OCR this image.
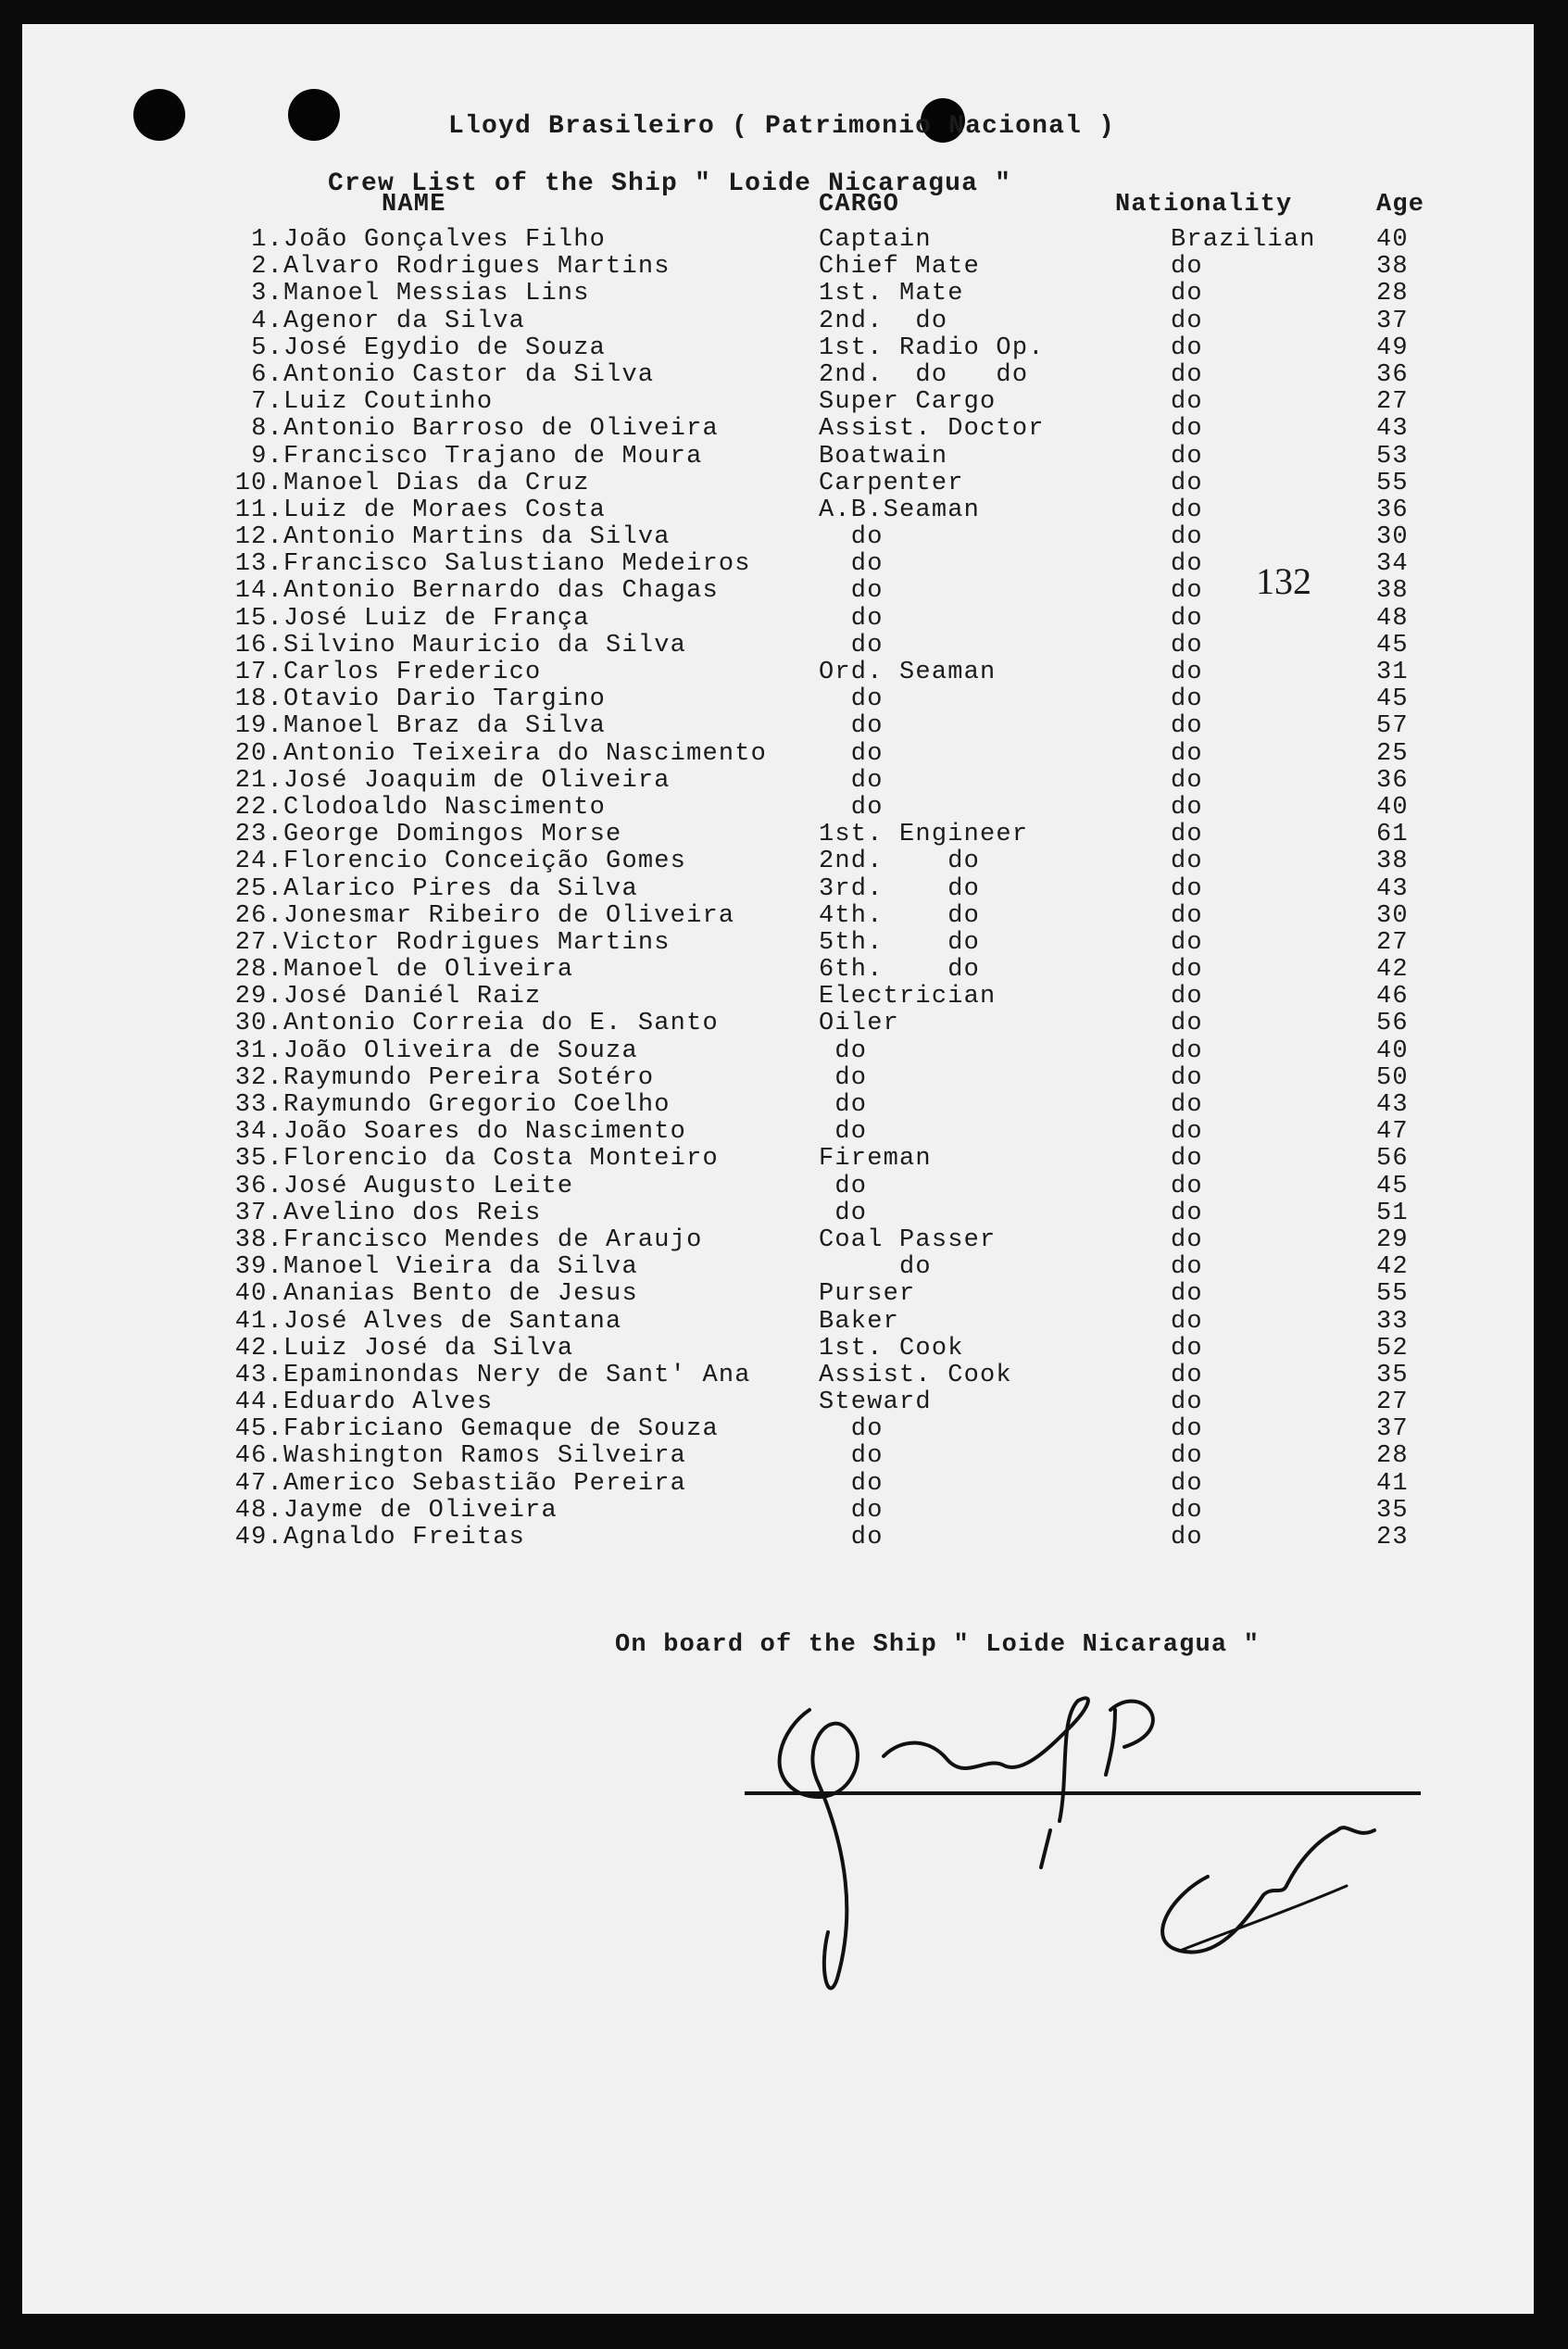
Lloyd Brasileiro ( Patrimonio Nacional )
Crew List of the Ship " Loide Nicaragua "
NAME	CARGO	Nationality	Age
1. João Gonçalves Filho	Captain	Brazilian 40
2. Alvaro Rodrigues Martins	Chief Mate	do	38
3. Manoel Messias Lins	1st. Mate	do	28
4. Agenor da Silva	2nd.  do	do	37
5. José Egydio de Souza	1st. Radio Op.	do	49
6. Antonio Castor da Silva	2nd.  do   do	do	36
7. Luiz Coutinho	Super Cargo	do	27
8. Antonio Barroso de Oliveira	Assist. Doctor	do	43
9. Francisco Trajano de Moura	Boatwain	do	53
10. Manoel Dias da Cruz	Carpenter	do	55
11. Luiz de Moraes Costa	A.B.Seaman	do	36
12. Antonio Martins da Silva	do	do	30
13. Francisco Salustiano Medeiros	do	do	34
14. Antonio Bernardo das Chagas	do	do	38
15. José Luiz de França	do	do	48
16. Silvino Mauricio da Silva	do	do	45
17. Carlos Frederico	Ord. Seaman	do	31
18. Otavio Dario Targino	do	do	45
19. Manoel Braz da Silva	do	do	57
20. Antonio Teixeira do Nascimento do	do	25
21. José Joaquim de Oliveira	do	do	36
22. Clodoaldo Nascimento	do	do	40
23. George Domingos Morse	1st. Engineer	do	61
24. Florencio Conceição Gomes	2nd.    do	do	38
25. Alarico Pires da Silva	3rd.    do	do	43
26. Jonesmar Ribeiro de Oliveira	4th.    do	do	30
27. Victor Rodrigues Martins	5th.    do	do	27
28. Manoel de Oliveira	6th.    do	do	42
29. José Daniél Raiz	Electrician	do	46
30. Antonio Correia do E. Santo	Oiler	do	56
31. João Oliveira de Souza	do	do	40
32. Raymundo Pereira Sotéro	do	do	50
33. Raymundo Gregorio Coelho	do	do	43
34. João Soares do Nascimento	do	do	47
35. Florencio da Costa Monteiro	Fireman	do	56
36. José Augusto Leite	do	do	45
37. Avelino dos Reis	do	do	51
38. Francisco Mendes de Araujo	Coal Passer	do	29
39. Manoel Vieira da Silva	do	do	42
40. Ananias Bento de Jesus	Purser	do	55
41. José Alves de Santana	Baker	do	33
42. Luiz José da Silva	1st. Cook	do	52
43. Epaminondas Nery de Sant' Ana	Assist. Cook	do	35
44. Eduardo Alves	Steward	do	27
45. Fabriciano Gemaque de Souza	do	do	37
46. Washington Ramos Silveira	do	do	28
47. Americo Sebastião Pereira	do	do	41
48. Jayme de Oliveira	do	do	35
49. Agnaldo Freitas	do	do	23
132
On board of the Ship " Loide Nicaragua "
